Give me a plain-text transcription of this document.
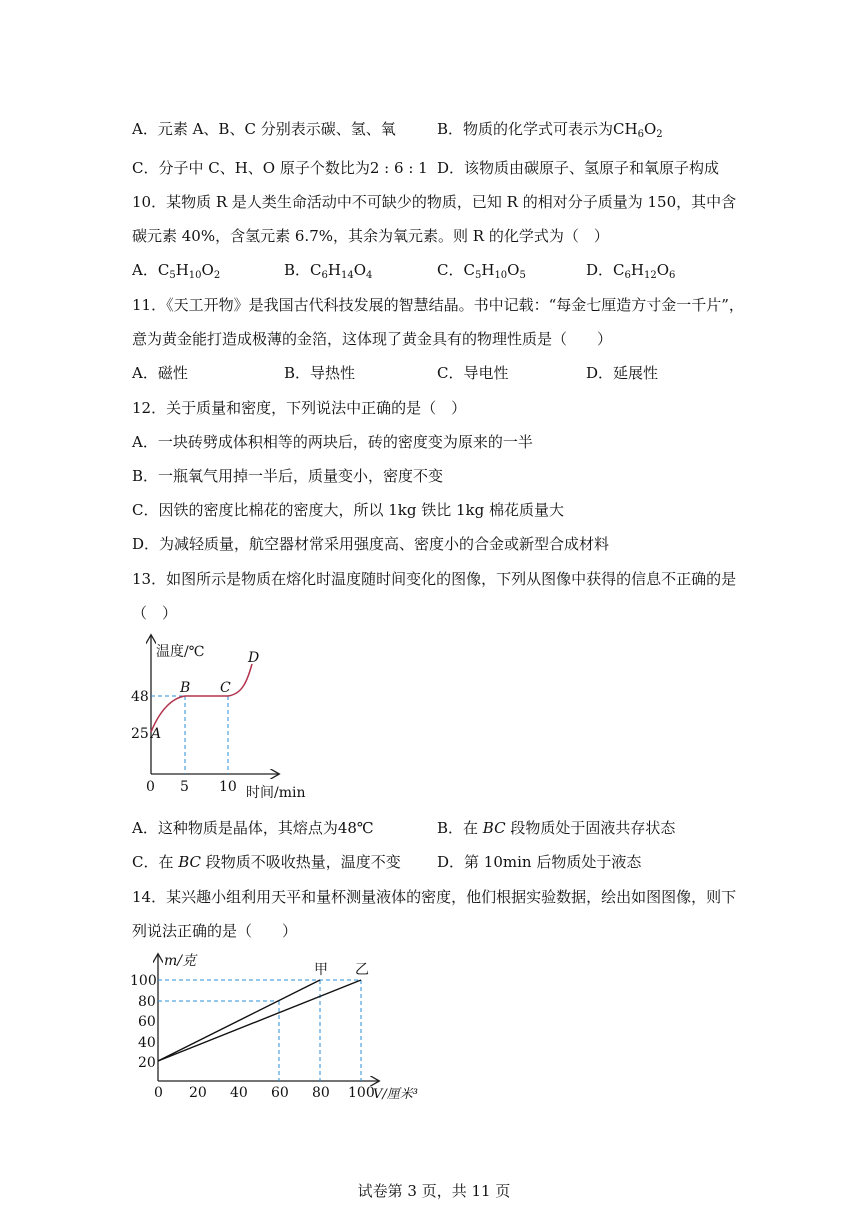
A．元素 A、B、C 分别表示碳、氢、氧	B．物质的化学式可表示为$CH_6O_2$
C．分子中 C、H、O 原子个数比为2 : 6 : 1 D．该物质由碳原子、氢原子和氧原子构成
10．某物质 R 是人类生命活动中不可缺少的物质，已知 R 的相对分子质量为 150，其中含
碳元素 40%，含氢元素 6.7%，其余为氧元素。则 R 的化学式为（　）
A．$C_5H_{10}O_2$	B．$C_6H_{14}O_4$	C．$C_5H_{10}O_5$	D．$C_6H_{12}O_6$
11．《天工开物》是我国古代科技发展的智慧结晶。书中记载：“每金七厘造方寸金一千片”，
意为黄金能打造成极薄的金箔，这体现了黄金具有的物理性质是（　　）
A．磁性	B．导热性	C．导电性	D．延展性
12．关于质量和密度，下列说法中正确的是（　）
A．一块砖劈成体积相等的两块后，砖的密度变为原来的一半
B．一瓶氧气用掉一半后，质量变小，密度不变
C．因铁的密度比棉花的密度大，所以 1kg 铁比 1kg 棉花质量大
D．为减轻质量，航空器材常采用强度高、密度小的合金或新型合成材料
13．如图所示是物质在熔化时温度随时间变化的图像，下列从图像中获得的信息不正确的是
（　）
温度/℃
48
25
0 5 10 时间/min
A
B C
D
A．这种物质是晶体，其熔点为48℃	B．在 BC 段物质处于固液共存状态
C．在 BC 段物质不吸收热量，温度不变 D．第 10min 后物质处于液态
14．某兴趣小组利用天平和量杯测量液体的密度，他们根据实验数据，绘出如图图像，则下
列说法正确的是（　　）
m/克
甲 乙
100
80
60
40
20
0 20 40 60 80 100
V/厘米³
试卷第 3 页，共 11 页
